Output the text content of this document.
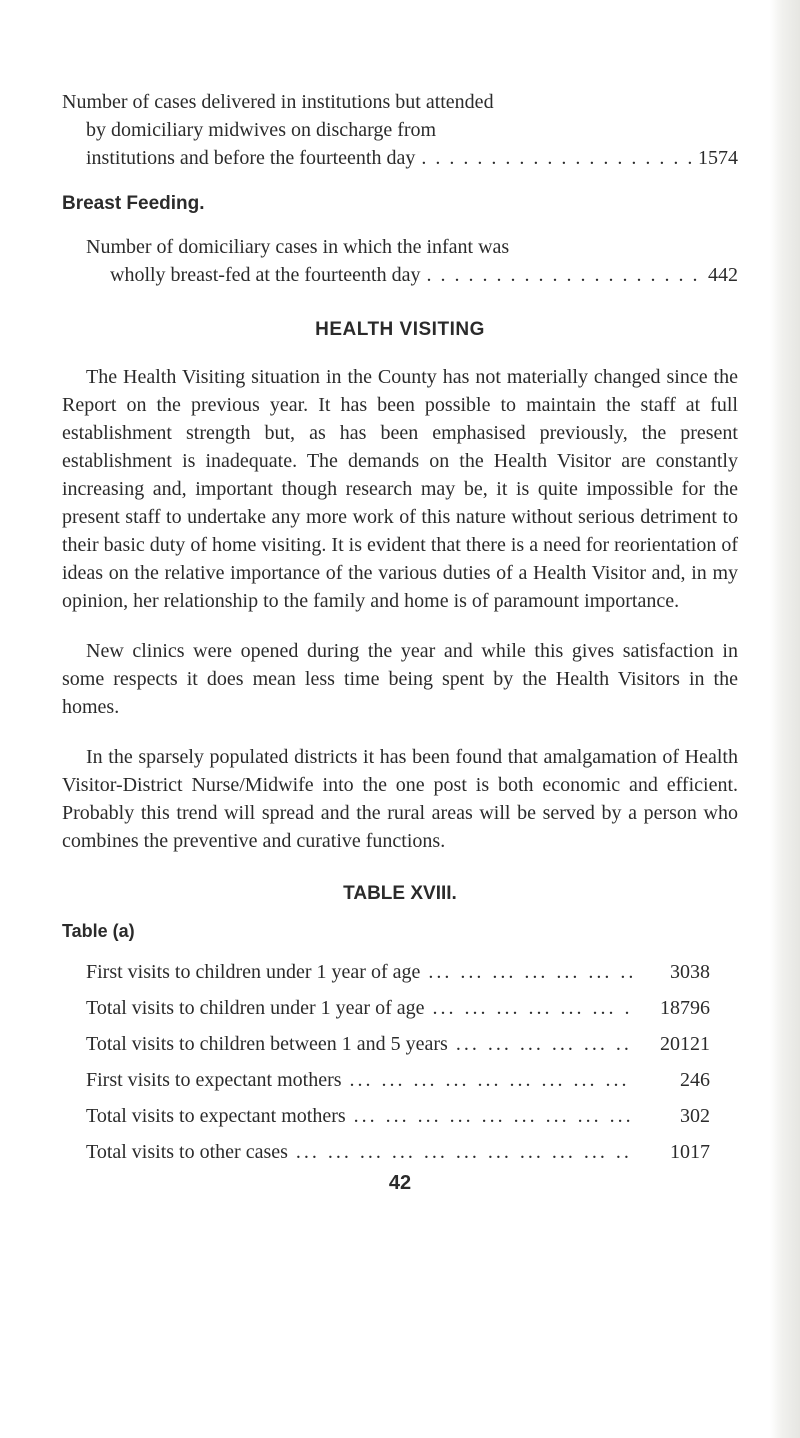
Number of cases delivered in institutions but attended
by domiciliary midwives on discharge from
institutions and before the fourteenth day . . .	1574
Breast Feeding.
Number of domiciliary cases in which the infant was
wholly breast-fed at the fourteenth day . . .	442
HEALTH VISITING

The Health Visiting situation in the County has not materially changed since the Report on the previous year. It has been possible to maintain the staff at full establishment strength but, as has been emphasised previously, the present establishment is inadequate. The demands on the Health Visitor are constantly increasing and, important though research may be, it is quite impossible for the present staff to undertake any more work of this nature without serious detriment to their basic duty of home visiting. It is evident that there is a need for reorientation of ideas on the relative importance of the various duties of a Health Visitor and, in my opinion, her relationship to the family and home is of paramount importance.

New clinics were opened during the year and while this gives satisfaction in some respects it does mean less time being spent by the Health Visitors in the homes.

In the sparsely populated districts it has been found that amalgamation of Health Visitor-District Nurse/Midwife into the one post is both economic and efficient. Probably this trend will spread and the rural areas will be served by a person who combines the preventive and curative functions.

TABLE XVIII.
Table (a)
First visits to children under 1 year of age ... .	3038
Total visits to children under 1 year of age ... .	18796
Total visits to children between 1 and 5 years ... .	20121
First visits to expectant mothers ... .	246
Total visits to expectant mothers ... .	302
Total visits to other cases ... .	1017
42
